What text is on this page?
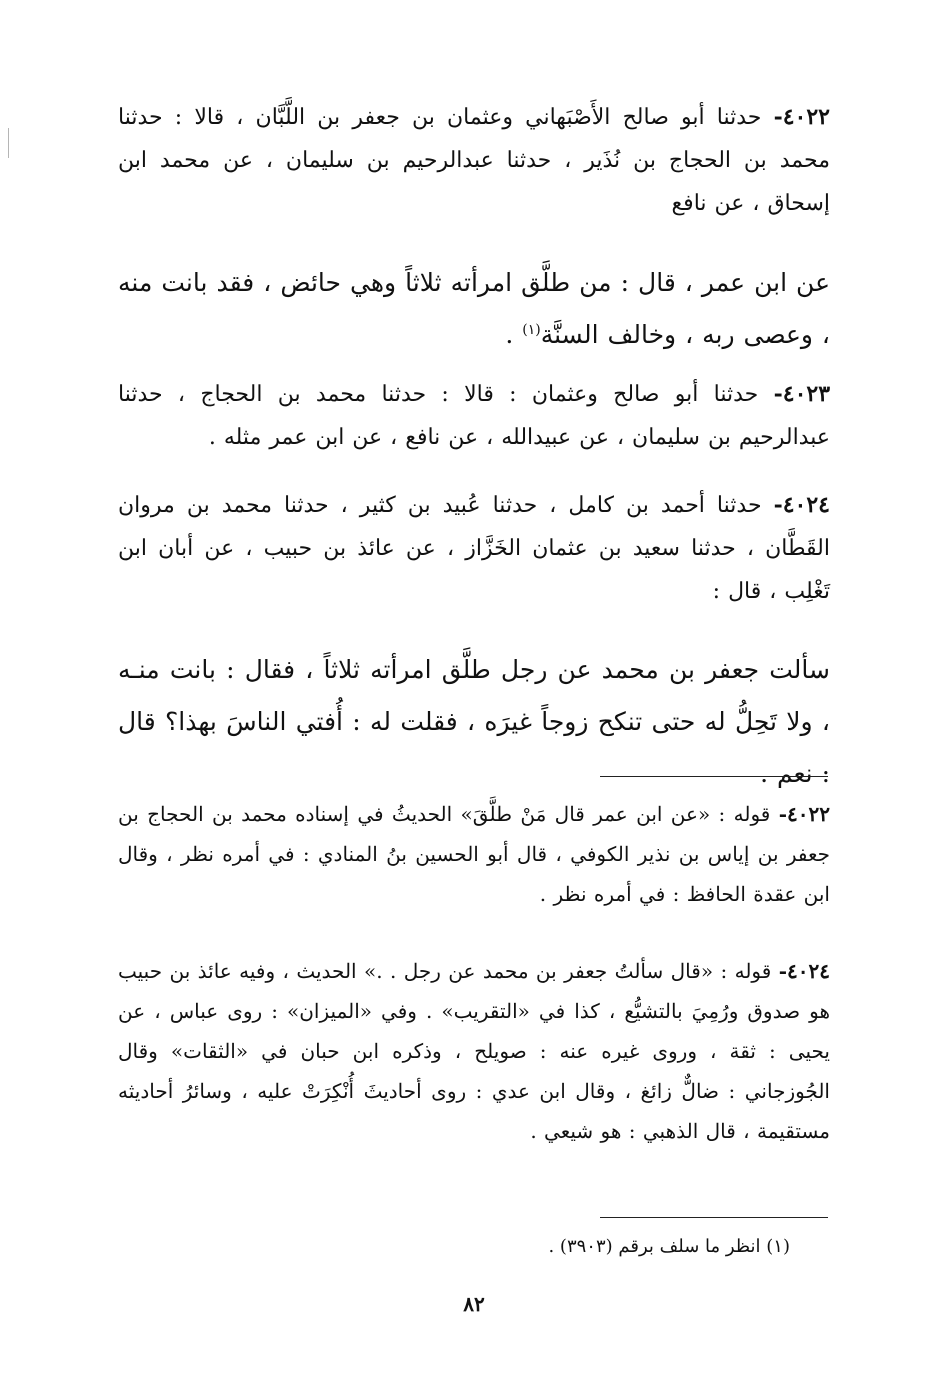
٤٠٢٢- حدثنا أبو صالح الأَصْبَهاني وعثمان بن جعفر بن اللَّبَّان ، قالا : حدثنا محمد بن الحجاج بن نُذَير ، حدثنا عبدالرحيم بن سليمان ، عن محمد ابن إسحاق ، عن نافع

عن ابن عمر ، قال : من طلَّق امرأته ثلاثاً وهي حائض ، فقد بانت منه ، وعصى ربه ، وخالف السنَّة$^{(١)}$ .

٤٠٢٣- حدثنا أبو صالح وعثمان : قالا : حدثنا محمد بن الحجاج ، حدثنا عبدالرحيم بن سليمان ، عن عبيدالله ، عن نافع ، عن ابن عمر مثله .

٤٠٢٤- حدثنا أحمد بن كامل ، حدثنا عُبيد بن كثير ، حدثنا محمد بن مروان القَطَّان ، حدثنا سعيد بن عثمان الخَزَّاز ، عن عائذ بن حبيب ، عن أبان ابن تَغْلِب ، قال :

سألت جعفر بن محمد عن رجل طلَّق امرأته ثلاثاً ، فقال : بانت منـه ، ولا تَحِلُّ له حتى تنكح زوجاً غيرَه ، فقلت له : أُفتي الناسَ بهذا؟ قال : نعم .

٤٠٢٢- قوله : «عن ابن عمر قال مَنْ طلَّقَ» الحديثُ في إسناده محمد بن الحجاج بن جعفر بن إياس بن نذير الكوفي ، قال أبو الحسين بنُ المنادي : في أمره نظر ، وقال ابن عقدة الحافظ : في أمره نظر .

٤٠٢٤- قوله : «قال سألتُ جعفر بن محمد عن رجل . .» الحديث ، وفيه عائذ بن حبيب هو صدوق ورُمِيَ بالتشيُّع ، كذا في «التقريب» . وفي «الميزان» : روى عباس ، عن يحيى : ثقة ، وروى غيره عنه : صويلح ، وذكره ابن حبان في «الثقات» وقال الجُوزجاني : ضالٌّ زائغ ، وقال ابن عدي : روى أحاديثَ أُنْكِرَتْ عليه ، وسائرُ أحاديثه مستقيمة ، قال الذهبي : هو شيعي .

(١) انظر ما سلف برقم (٣٩٠٣) .
٨٢
